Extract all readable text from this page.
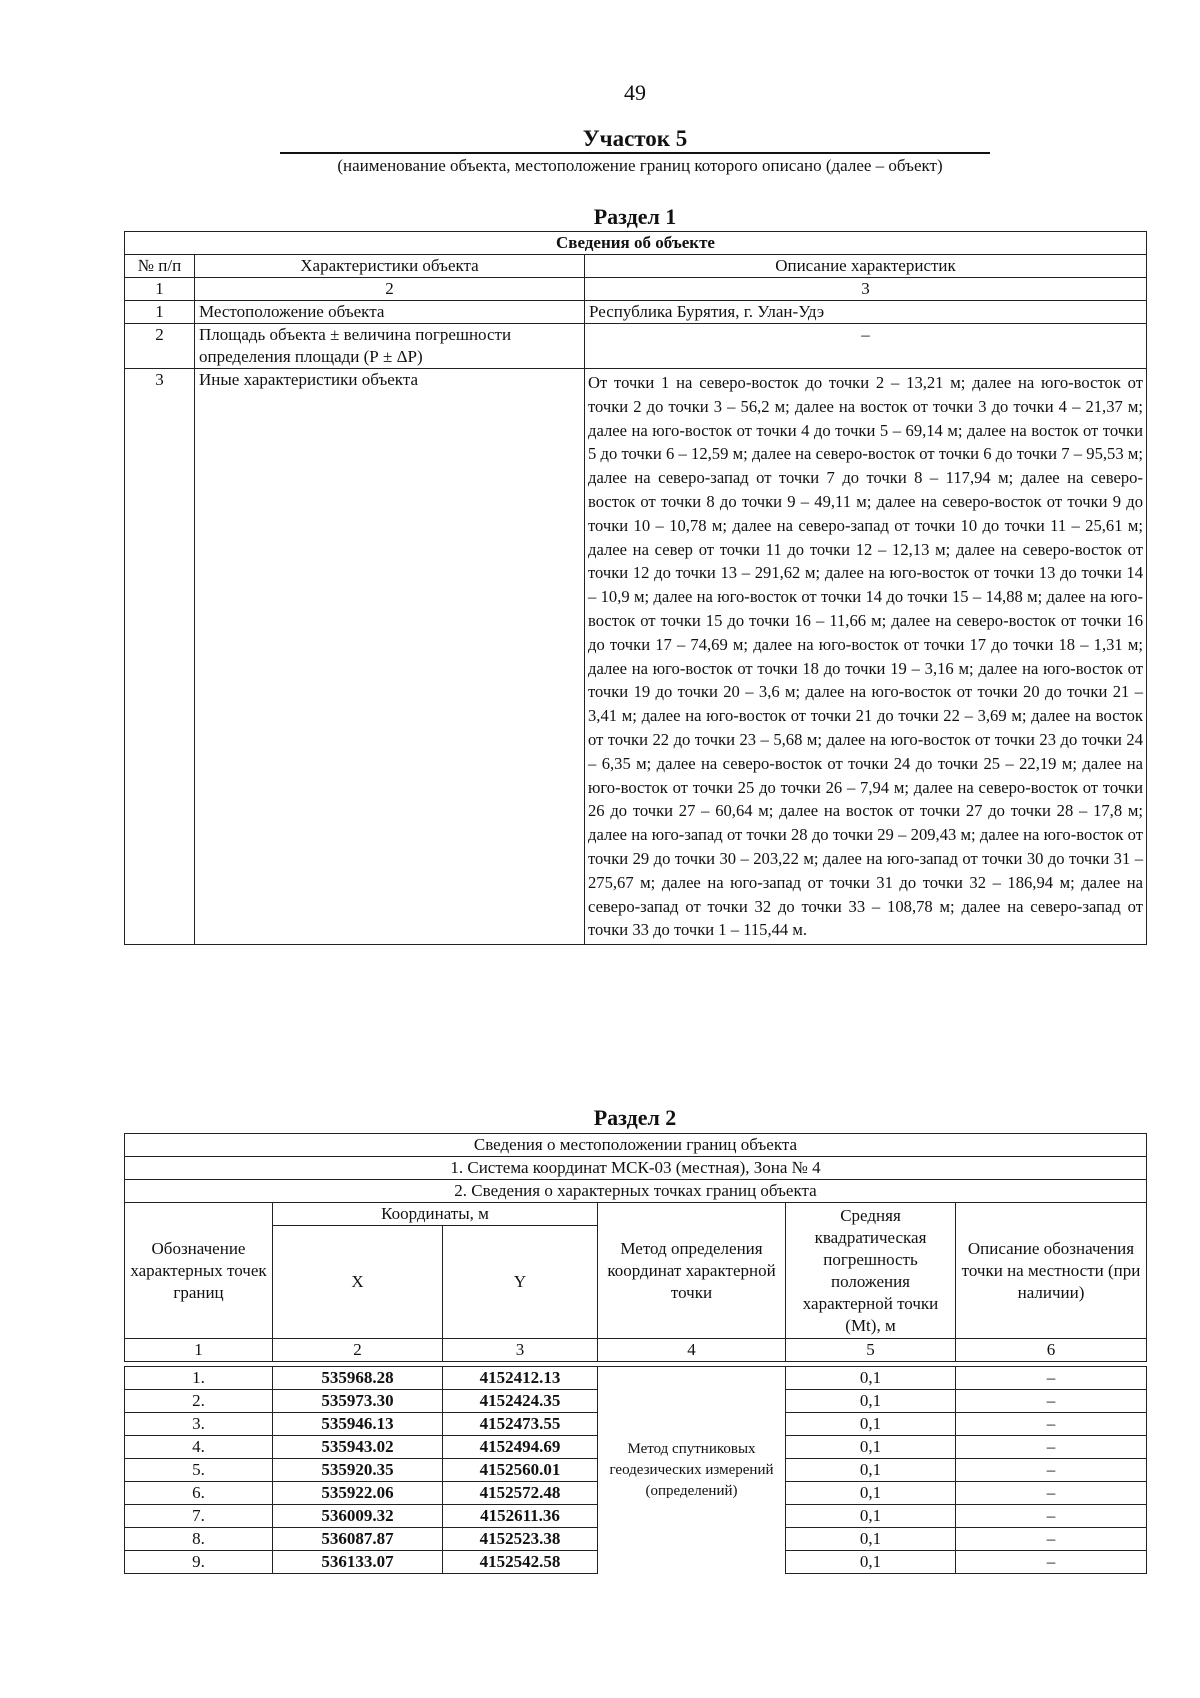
49
Участок 5
(наименование объекта, местоположение границ которого описано (далее – объект)
Раздел 1
Сведения об объекте		
№ п/п	Характеристики объекта	Описание характеристик
1	2	3
1	Местоположение объекта	Республика Бурятия, г. Улан-Удэ
2	Площадь объекта ± величина погрешности определения площади (Р ± ΔР)	–
3	Иные характеристики объекта	От точки 1 на северо-восток до точки 2 – 13,21 м; далее на юго-восток от точки 2 до точки 3 – 56,2 м; далее на восток от точки 3 до точки 4 – 21,37 м; далее на юго-восток от точки 4 до точки 5 – 69,14 м; далее на восток от точки 5 до точки 6 – 12,59 м; далее на северо-восток от точки 6 до точки 7 – 95,53 м; далее на северо-запад от точки 7 до точки 8 – 117,94 м; далее на северо-восток от точки 8 до точки 9 – 49,11 м; далее на северо-восток от точки 9 до точки 10 – 10,78 м; далее на северо-запад от точки 10 до точки 11 – 25,61 м; далее на север от точки 11 до точки 12 – 12,13 м; далее на северо-восток от точки 12 до точки 13 – 291,62 м; далее на юго-восток от точки 13 до точки 14 – 10,9 м; далее на юго-восток от точки 14 до точки 15 – 14,88 м; далее на юго-восток от точки 15 до точки 16 – 11,66 м; далее на северо-восток от точки 16 до точки 17 – 74,69 м; далее на юго-восток от точки 17 до точки 18 – 1,31 м; далее на юго-восток от точки 18 до точки 19 – 3,16 м; далее на юго-восток от точки 19 до точки 20 – 3,6 м; далее на юго-восток от точки 20 до точки 21 – 3,41 м; далее на юго-восток от точки 21 до точки 22 – 3,69 м; далее на восток от точки 22 до точки 23 – 5,68 м; далее на юго-восток от точки 23 до точки 24 – 6,35 м; далее на северо-восток от точки 24 до точки 25 – 22,19 м; далее на юго-восток от точки 25 до точки 26 – 7,94 м; далее на северо-восток от точки 26 до точки 27 – 60,64 м; далее на восток от точки 27 до точки 28 – 17,8 м; далее на юго-запад от точки 28 до точки 29 – 209,43 м; далее на юго-восток от точки 29 до точки 30 – 203,22 м; далее на юго-запад от точки 30 до точки 31 – 275,67 м; далее на юго-запад от точки 31 до точки 32 – 186,94 м; далее на северо-запад от точки 32 до точки 33 – 108,78 м; далее на северо-запад от точки 33 до точки 1 – 115,44 м.
Раздел 2
Сведения о местоположении границ объекта					
1. Система координат МСК-03 (местная), Зона № 4					
2. Сведения о характерных точках границ объекта					
Обозначение характерных точек границ	Координаты, м		Метод определения координат характерной точки	Средняя квадратическая погрешность положения характерной точки (Mt), м	Описание обозначения точки на местности (при наличии)
	X	Y			
1	2	3	4	5	6

1.	535968.28	4152412.13	Метод спутниковых геодезических измерений (определений)	0,1	–
2.	535973.30	4152424.35		0,1	–
3.	535946.13	4152473.55		0,1	–
4.	535943.02	4152494.69		0,1	–
5.	535920.35	4152560.01		0,1	–
6.	535922.06	4152572.48		0,1	–
7.	536009.32	4152611.36		0,1	–
8.	536087.87	4152523.38		0,1	–
9.	536133.07	4152542.58		0,1	–
